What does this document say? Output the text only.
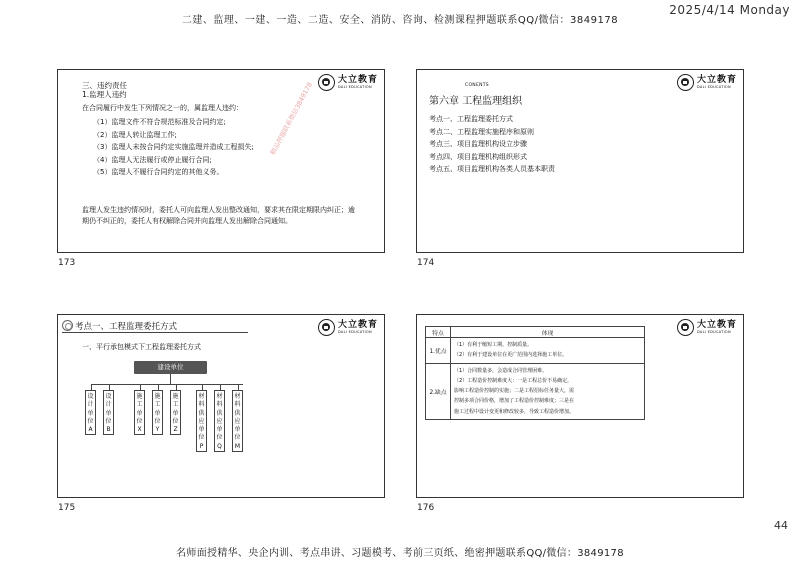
二建、监理、一建、一造、二造、安全、消防、咨询、检测课程押题联系QQ/微信：3849178
2025/4/14 Monday
大立教育
DALI EDUCATION
三、违约责任
1.监理人违约
在合同履行中发生下列情况之一的，属监理人违约：
（1）监理文件不符合规范标准及合同约定;
（2）监理人转让监理工作;
（3）监理人未按合同约定实施监理并造成工程损失;
（4）监理人无法履行或停止履行合同;
（5）监理人不履行合同约定的其他义务。
监理人发生违约情况时，委托人可向监理人发出整改通知，要求其在限定期限内纠正；逾期仍不纠正的，委托人有权解除合同并向监理人发出解除合同通知。
精品押题联系微信3849178
173
大立教育
DALI EDUCATION
CONENTS
第六章 工程监理组织
考点一、工程监理委托方式
考点二、工程监理实施程序和原则
考点三、项目监理机构设立步骤
考点四、项目监理机构组织形式
考点五、项目监理机构各类人员基本职责
174
大立教育
DALI EDUCATION
考点一、工程监理委托方式
一、平行承包模式下工程监理委托方式
建设单位
设
计
单
位
A
设
计
单
位
B
施
工
单
位
X
施
工
单
位
Y
施
工
单
位
Z
材
料
供
应
单
位
P
材
料
供
应
单
位
Q
材
料
供
应
单
位
M
175
大立教育
DALI EDUCATION
特点	体现
1.优点	（1）有利于缩短工期、控制质量。
（2）有利于建设单位在更广范围内选择施工单位。

2.缺点	（1）合同数量多，会造成合同管理困难。
（2）工程造价控制难度大：一是工程总价不易确定，
影响工程造价控制的实施；二是工程招标任务量大，需
控制多项合同价格，增加了工程造价控制难度；三是在
施工过程中设计变更和修改较多，导致工程造价增加。
176
44
名师面授精华、央企内训、考点串讲、习题模考、考前三页纸、绝密押题联系QQ/微信：3849178
